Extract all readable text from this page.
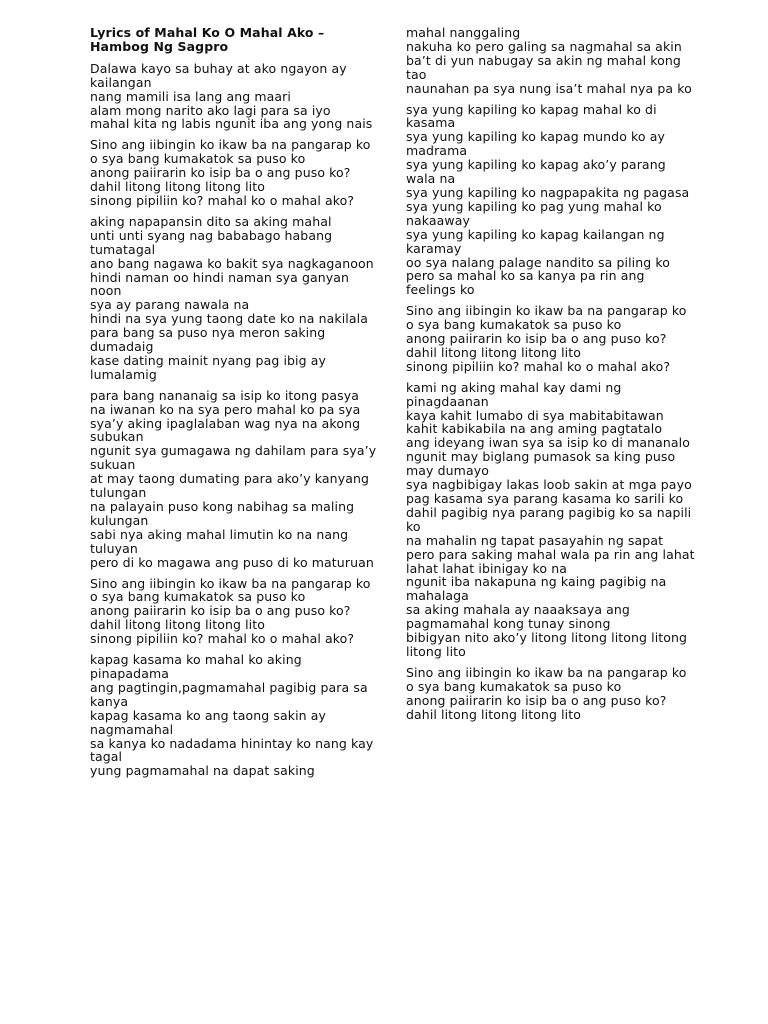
Lyrics of Mahal Ko O Mahal Ako – Hambog Ng Sagpro
Dalawa kayo sa buhay at ako ngayon ay kailangan
nang mamili isa lang ang maari
alam mong narito ako lagi para sa iyo
mahal kita ng labis ngunit iba ang yong nais
Sino ang iibingin ko ikaw ba na pangarap ko
o sya bang kumakatok sa puso ko
anong paiirarin ko isip ba o ang puso ko?
dahil litong litong litong lito
sinong pipiliin ko? mahal ko o mahal ako?
aking napapansin dito sa aking mahal
unti unti syang nag bababago habang tumatagal
ano bang nagawa ko bakit sya nagkaganoon
hindi naman oo hindi naman sya ganyan noon
sya ay parang nawala na
hindi na sya yung taong date ko na nakilala
para bang sa puso nya meron saking dumadaig
kase dating mainit nyang pag ibig ay lumalamig
para bang nananaig sa isip ko itong pasya
na iwanan ko na sya pero mahal ko pa sya
sya’y aking ipaglalaban wag nya na akong subukan
ngunit sya gumagawa ng dahilam para sya’y sukuan
at may taong dumating para ako’y kanyang tulungan
na palayain puso kong nabihag sa maling kulungan
sabi nya aking mahal limutin ko na nang tuluyan
pero di ko magawa ang puso di ko maturuan
Sino ang iibingin ko ikaw ba na pangarap ko
o sya bang kumakatok sa puso ko
anong paiirarin ko isip ba o ang puso ko?
dahil litong litong litong lito
sinong pipiliin ko? mahal ko o mahal ako?
kapag kasama ko mahal ko aking pinapadama
ang pagtingin,pagmamahal pagibig para sa kanya
kapag kasama ko ang taong sakin ay nagmamahal
sa kanya ko nadadama hinintay ko nang kay tagal
yung pagmamahal na dapat saking
mahal nanggaling
nakuha ko pero galing sa nagmahal sa akin
ba’t di yun nabugay sa akin ng mahal kong tao
naunahan pa sya nung isa’t mahal nya pa ko
sya yung kapiling ko kapag mahal ko di kasama
sya yung kapiling ko kapag mundo ko ay madrama
sya yung kapiling ko kapag ako’y parang wala na
sya yung kapiling ko nagpapakita ng pagasa
sya yung kapiling ko pag yung mahal ko nakaaway
sya yung kapiling ko kapag kailangan ng karamay
oo sya nalang palage nandito sa piling ko
pero sa mahal ko sa kanya pa rin ang feelings ko
Sino ang iibingin ko ikaw ba na pangarap ko
o sya bang kumakatok sa puso ko
anong paiirarin ko isip ba o ang puso ko?
dahil litong litong litong lito
sinong pipiliin ko? mahal ko o mahal ako?
kami ng aking mahal kay dami ng pinagdaanan
kaya kahit lumabo di sya mabitabitawan
kahit kabikabila na ang aming pagtatalo
ang ideyang iwan sya sa isip ko di mananalo
ngunit may biglang pumasok sa king puso may dumayo
sya nagbibigay lakas loob sakin at mga payo
pag kasama sya parang kasama ko sarili ko
dahil pagibig nya parang pagibig ko sa napili ko
na mahalin ng tapat pasayahin ng sapat
pero para saking mahal wala pa rin ang lahat
lahat lahat ibinigay ko na
ngunit iba nakapuna ng kaing pagibig na mahalaga
sa aking mahala ay naaaksaya ang pagmamahal kong tunay sinong
bibigyan nito ako’y litong litong litong litong litong lito
Sino ang iibingin ko ikaw ba na pangarap ko
o sya bang kumakatok sa puso ko
anong paiirarin ko isip ba o ang puso ko?
dahil litong litong litong lito
